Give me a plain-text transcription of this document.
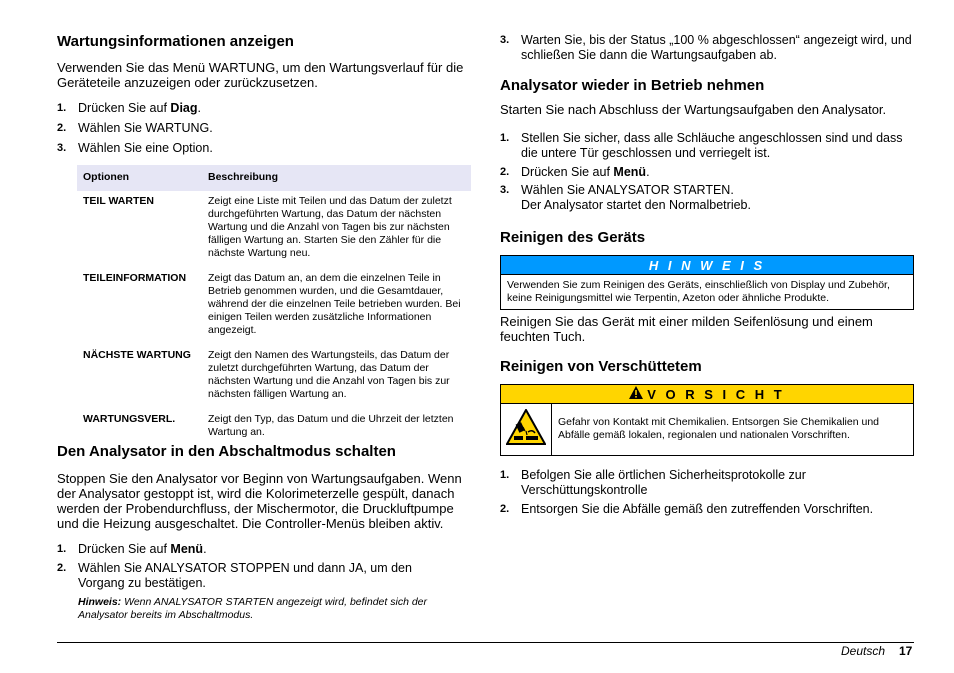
Wartungsinformationen anzeigen

Verwenden Sie das Menü WARTUNG, um den Wartungsverlauf für die Geräteteile anzuzeigen oder zurückzusetzen.

1. Drücken Sie auf Diag.
2. Wählen Sie WARTUNG.
3. Wählen Sie eine Option.
Optionen	Beschreibung
TEIL WARTEN	Zeigt eine Liste mit Teilen und das Datum der zuletzt durchgeführten Wartung, das Datum der nächsten Wartung und die Anzahl von Tagen bis zur nächsten fälligen Wartung an. Starten Sie den Zähler für die nächste Wartung neu.
TEILEINFORMATION	Zeigt das Datum an, an dem die einzelnen Teile in Betrieb genommen wurden, und die Gesamtdauer, während der die einzelnen Teile betrieben wurden. Bei einigen Teilen werden zusätzliche Informationen angezeigt.
NÄCHSTE WARTUNG	Zeigt den Namen des Wartungsteils, das Datum der zuletzt durchgeführten Wartung, das Datum der nächsten Wartung und die Anzahl von Tagen bis zur nächsten fälligen Wartung an.
WARTUNGSVERL.	Zeigt den Typ, das Datum und die Uhrzeit der letzten Wartung an.
Den Analysator in den Abschaltmodus schalten

Stoppen Sie den Analysator vor Beginn von Wartungsaufgaben. Wenn der Analysator gestoppt ist, wird die Kolorimeterzelle gespült, danach werden der Probendurchfluss, der Mischermotor, die Druckluftpumpe und die Heizung ausgeschaltet. Die Controller-Menüs bleiben aktiv.

1. Drücken Sie auf Menü.
2. Wählen Sie ANALYSATOR STOPPEN und dann JA, um den Vorgang zu bestätigen.
Hinweis: Wenn ANALYSATOR STARTEN angezeigt wird, befindet sich der Analysator bereits im Abschaltmodus.
3. Warten Sie, bis der Status „100 % abgeschlossen“ angezeigt wird, und schließen Sie dann die Wartungsaufgaben ab.
Analysator wieder in Betrieb nehmen

Starten Sie nach Abschluss der Wartungsaufgaben den Analysator.

1. Stellen Sie sicher, dass alle Schläuche angeschlossen sind und dass die untere Tür geschlossen und verriegelt ist.
2. Drücken Sie auf Menü.
3. Wählen Sie ANALYSATOR STARTEN.
Der Analysator startet den Normalbetrieb.
Reinigen des Geräts
H I N W E I S
Verwenden Sie zum Reinigen des Geräts, einschließlich von Display und Zubehör, keine Reinigungsmittel wie Terpentin, Azeton oder ähnliche Produkte.

Reinigen Sie das Gerät mit einer milden Seifenlösung und einem feuchten Tuch.

Reinigen von Verschüttetem
V O R S I C H T
Gefahr von Kontakt mit Chemikalien. Entsorgen Sie Chemikalien und Abfälle gemäß lokalen, regionalen und nationalen Vorschriften.
1. Befolgen Sie alle örtlichen Sicherheitsprotokolle zur Verschüttungskontrolle
2. Entsorgen Sie die Abfälle gemäß den zutreffenden Vorschriften.
Deutsch 17
